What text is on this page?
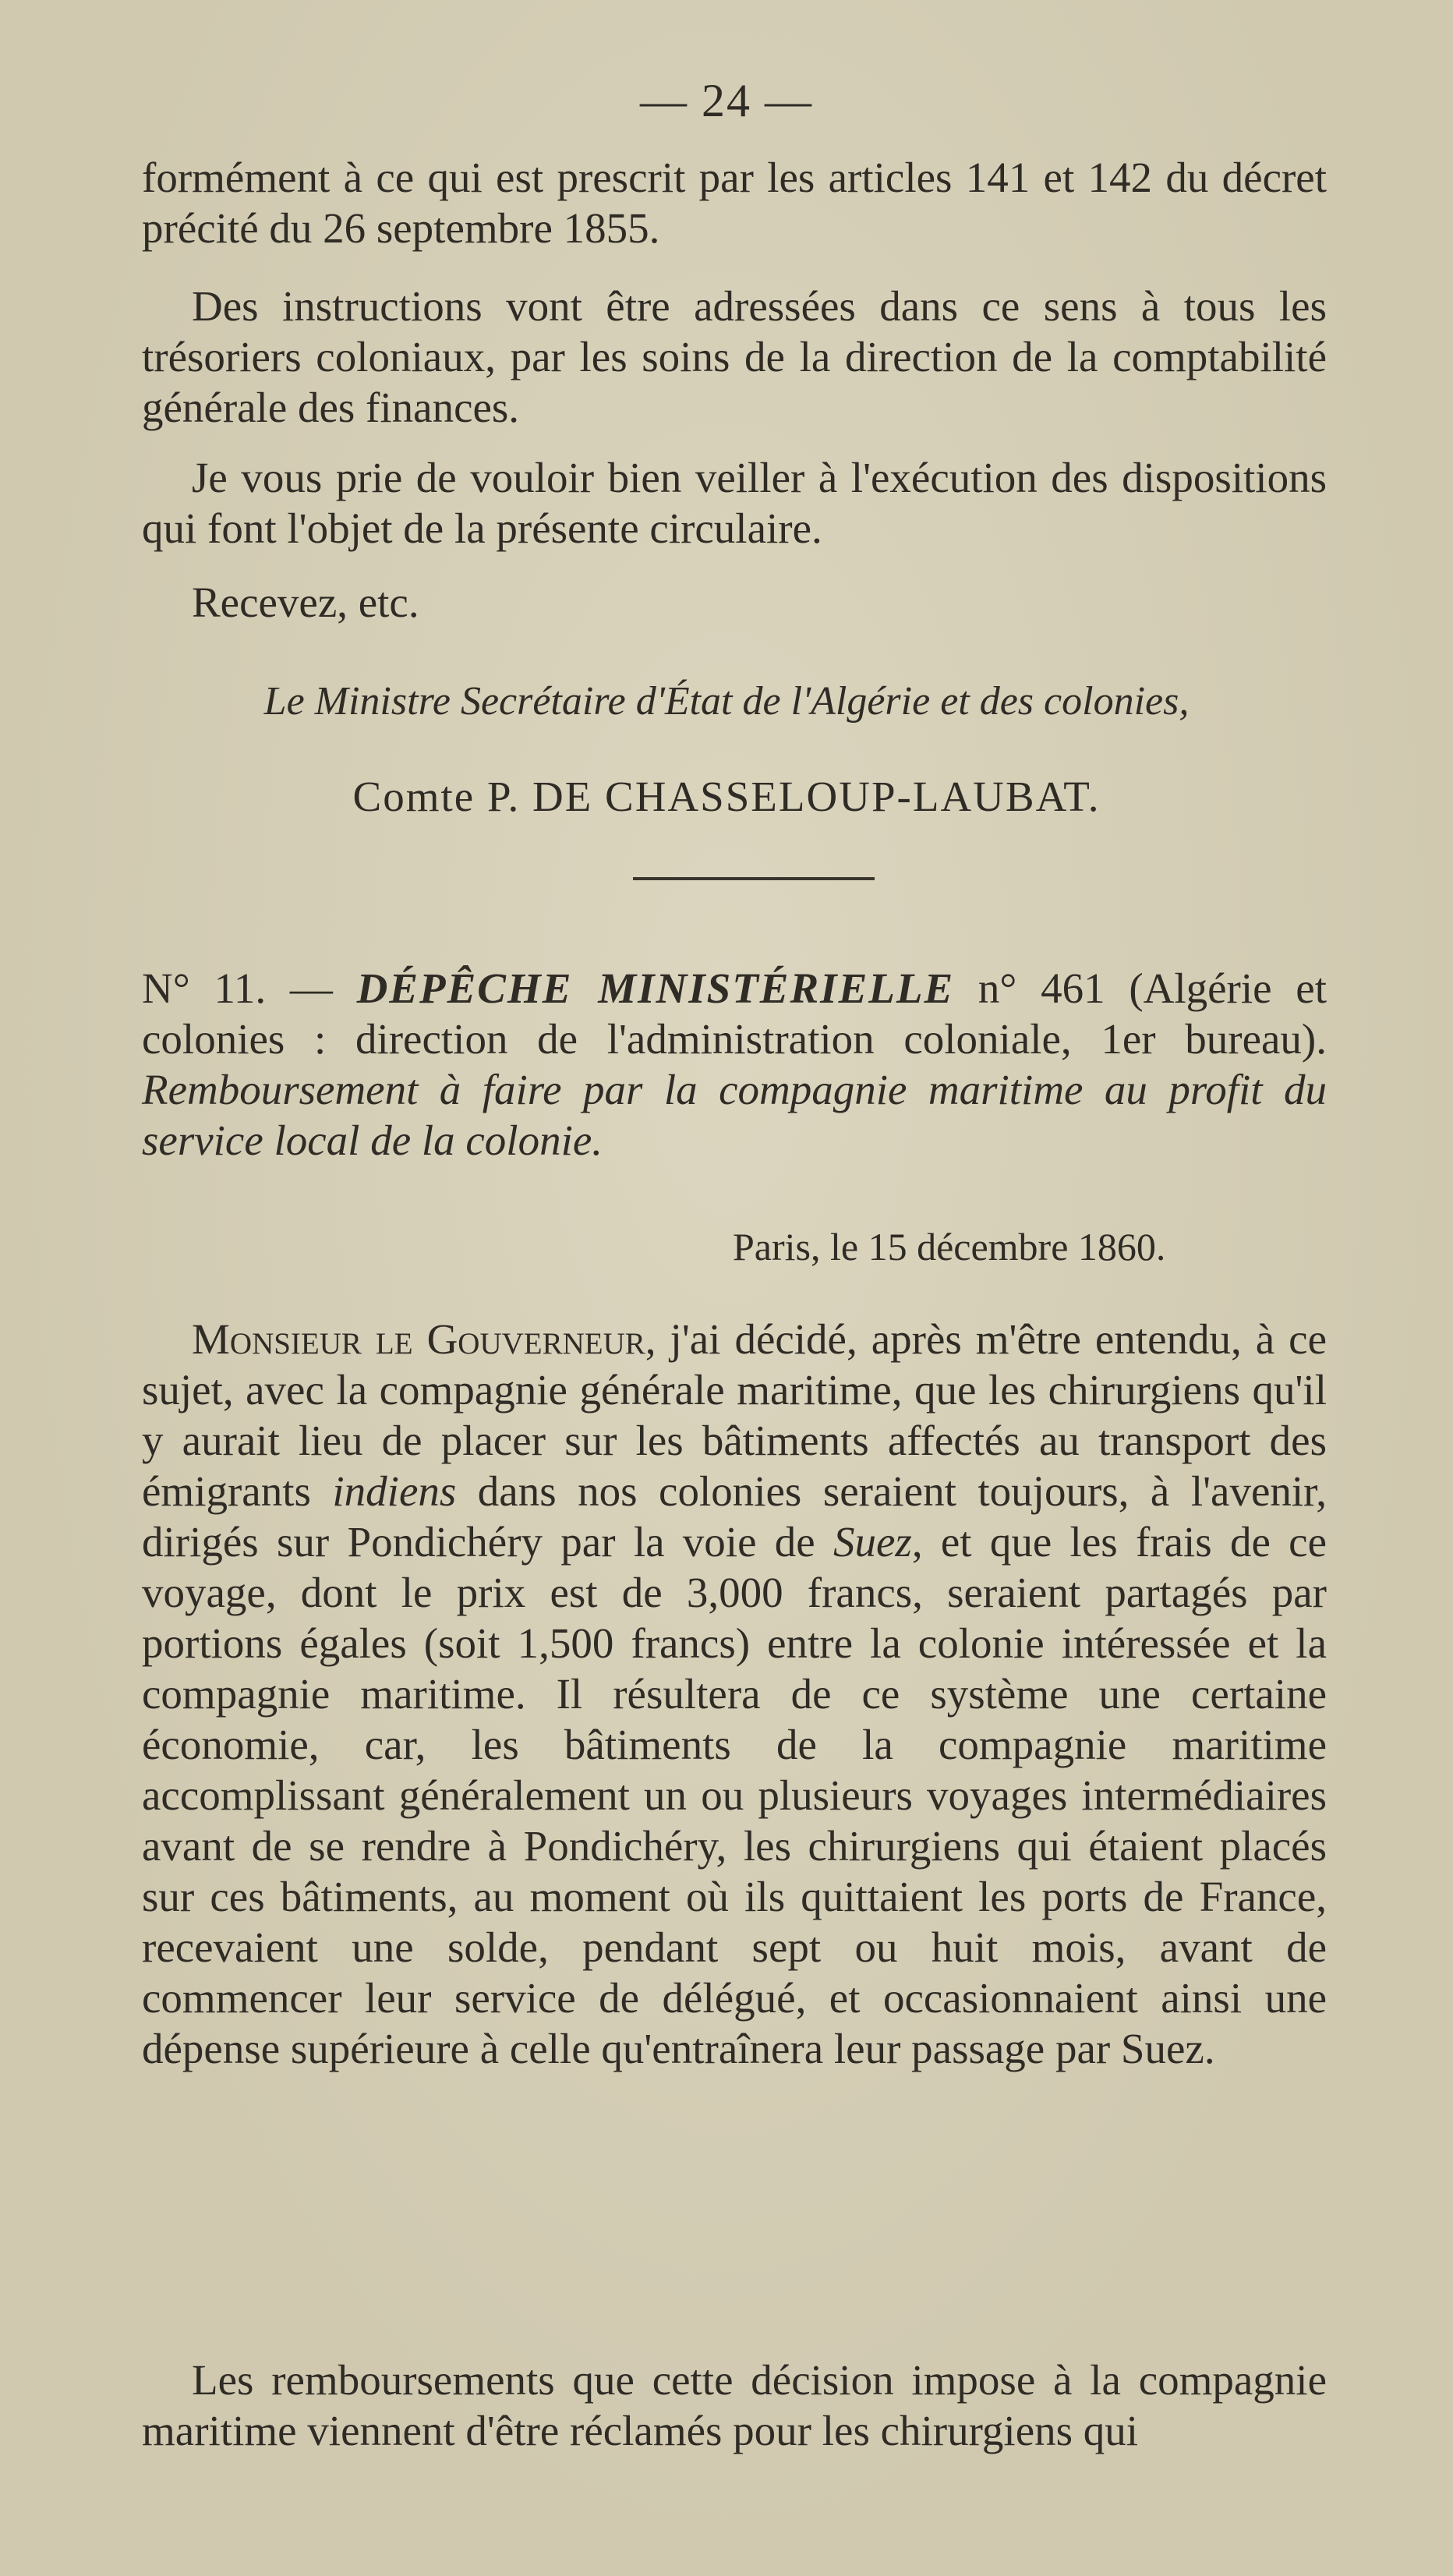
— 24 —

formément à ce qui est prescrit par les articles 141 et 142 du décret précité du 26 septembre 1855.

Des instructions vont être adressées dans ce sens à tous les trésoriers coloniaux, par les soins de la direction de la comptabilité générale des finances.

Je vous prie de vouloir bien veiller à l'exécution des dispositions qui font l'objet de la présente circulaire.

Recevez, etc.

Le Ministre Secrétaire d'État de l'Algérie et des colonies,
Comte P. DE CHASSELOUP-LAUBAT.
N° 11. — DÉPÊCHE MINISTÉRIELLE n° 461 (Algérie et colonies : direction de l'administration coloniale, 1er bureau). Remboursement à faire par la compagnie maritime au profit du service local de la colonie.
Paris, le 15 décembre 1860.

Monsieur le Gouverneur, j'ai décidé, après m'être entendu, à ce sujet, avec la compagnie générale maritime, que les chirurgiens qu'il y aurait lieu de placer sur les bâtiments affectés au transport des émigrants indiens dans nos colonies seraient toujours, à l'avenir, dirigés sur Pondichéry par la voie de Suez, et que les frais de ce voyage, dont le prix est de 3,000 francs, seraient partagés par portions égales (soit 1,500 francs) entre la colonie intéressée et la compagnie maritime. Il résultera de ce système une certaine économie, car, les bâtiments de la compagnie maritime accomplissant généralement un ou plusieurs voyages intermédiaires avant de se rendre à Pondichéry, les chirurgiens qui étaient placés sur ces bâtiments, au moment où ils quittaient les ports de France, recevaient une solde, pendant sept ou huit mois, avant de commencer leur service de délégué, et occasionnaient ainsi une dépense supérieure à celle qu'entraînera leur passage par Suez.

Les remboursements que cette décision impose à la compagnie maritime viennent d'être réclamés pour les chirurgiens qui
